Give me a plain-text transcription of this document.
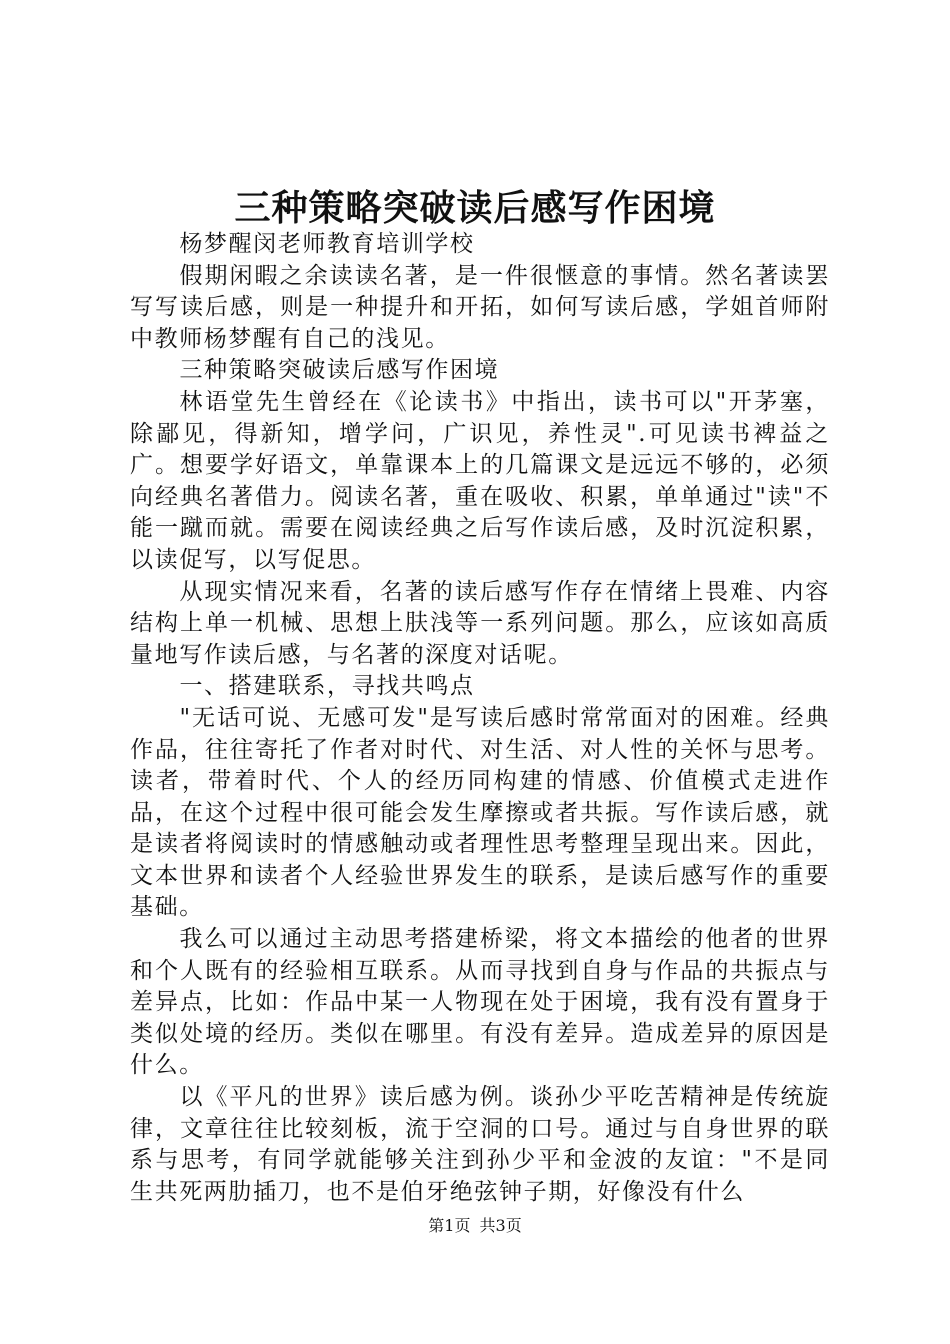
三种策略突破读后感写作困境

杨梦醒闵老师教育培训学校

假期闲暇之余读读名著，是一件很惬意的事情。然名著读罢写写读后感，则是一种提升和开拓，如何写读后感，学姐首师附中教师杨梦醒有自己的浅见。

三种策略突破读后感写作困境

林语堂先生曾经在《论读书》中指出，读书可以"开茅塞，除鄙见，得新知，增学问，广识见，养性灵".可见读书裨益之广。想要学好语文，单靠课本上的几篇课文是远远不够的，必须向经典名著借力。阅读名著，重在吸收、积累，单单通过"读"不能一蹴而就。需要在阅读经典之后写作读后感，及时沉淀积累，以读促写，以写促思。

从现实情况来看，名著的读后感写作存在情绪上畏难、内容结构上单一机械、思想上肤浅等一系列问题。那么，应该如高质量地写作读后感，与名著的深度对话呢。

一、搭建联系，寻找共鸣点

"无话可说、无感可发"是写读后感时常常面对的困难。经典作品，往往寄托了作者对时代、对生活、对人性的关怀与思考。读者，带着时代、个人的经历同构建的情感、价值模式走进作品，在这个过程中很可能会发生摩擦或者共振。写作读后感，就是读者将阅读时的情感触动或者理性思考整理呈现出来。因此，文本世界和读者个人经验世界发生的联系，是读后感写作的重要基础。

我么可以通过主动思考搭建桥梁，将文本描绘的他者的世界和个人既有的经验相互联系。从而寻找到自身与作品的共振点与差异点，比如：作品中某一人物现在处于困境，我有没有置身于类似处境的经历。类似在哪里。有没有差异。造成差异的原因是什么。

以《平凡的世界》读后感为例。谈孙少平吃苦精神是传统旋律，文章往往比较刻板，流于空洞的口号。通过与自身世界的联系与思考，有同学就能够关注到孙少平和金波的友谊："不是同生共死两肋插刀，也不是伯牙绝弦钟子期，好像没有什么

第1页 共3页
